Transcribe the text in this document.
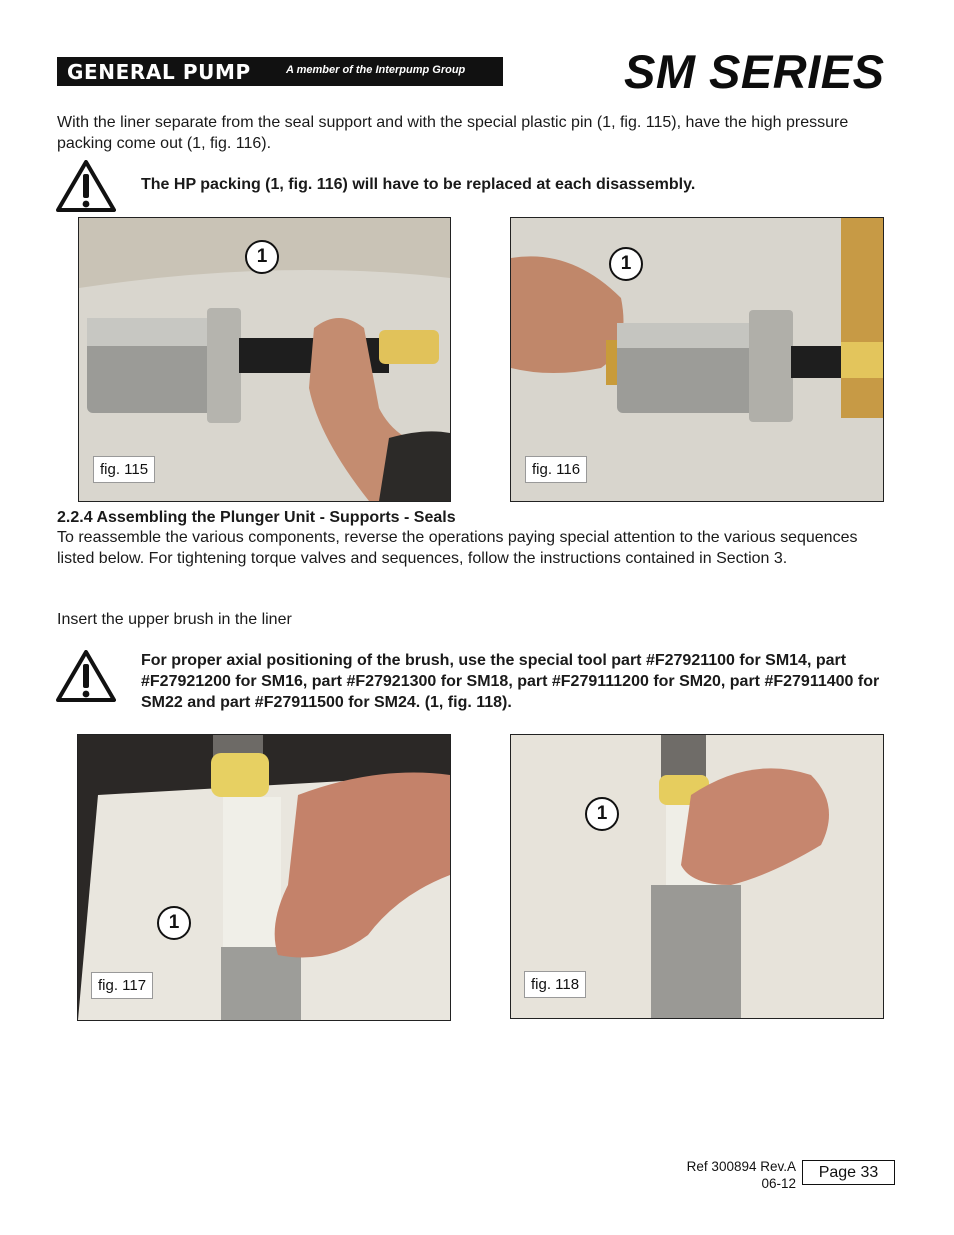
GENERAL PUMP	A member of the Interpump Group	SM SERIES
With the liner separate from the seal support and with the special plastic pin (1, fig. 115), have the high pressure packing come out (1, fig. 116).
The HP packing (1, fig. 116) will have to be replaced at each disassembly.
1
fig. 115
1
fig. 116
2.2.4 Assembling the Plunger Unit - Supports - Seals
To reassemble the various components, reverse the operations paying special attention to the various sequences listed below. For tightening torque valves and sequences, follow the instructions contained in Section 3.
Insert the upper brush in the liner
For proper axial positioning of the brush, use the special tool part #F27921100 for SM14, part #F27921200 for SM16, part #F27921300 for SM18, part #F279111200 for SM20, part #F27911400 for SM22 and part #F27911500 for SM24. (1, fig. 118).
1
fig. 117
1
fig. 118
Ref 300894 Rev.A
06-12
Page 33
